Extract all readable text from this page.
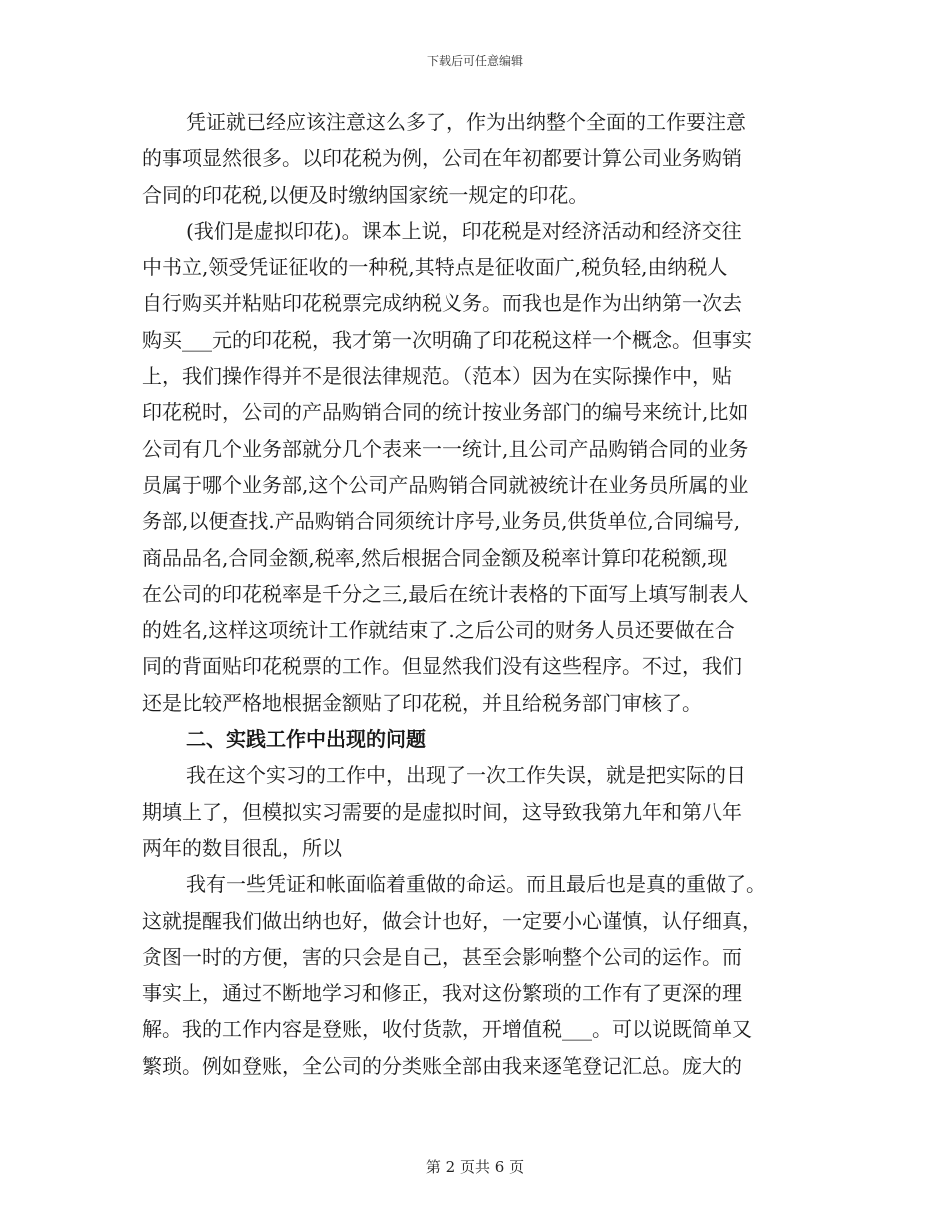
下载后可任意编辑
凭证就已经应该注意这么多了，作为出纳整个全面的工作要注意
的事项显然很多。以印花税为例，公司在年初都要计算公司业务购销
合同的印花税,以便及时缴纳国家统一规定的印花。
(我们是虚拟印花)。课本上说，印花税是对经济活动和经济交往
中书立,领受凭证征收的一种税,其特点是征收面广,税负轻,由纳税人
自行购买并粘贴印花税票完成纳税义务。而我也是作为出纳第一次去
购买___元的印花税，我才第一次明确了印花税这样一个概念。但事实
上，我们操作得并不是很法律规范。（范本）因为在实际操作中，贴
印花税时，公司的产品购销合同的统计按业务部门的编号来统计,比如
公司有几个业务部就分几个表来一一统计,且公司产品购销合同的业务
员属于哪个业务部,这个公司产品购销合同就被统计在业务员所属的业
务部,以便查找.产品购销合同须统计序号,业务员,供货单位,合同编号,
商品品名,合同金额,税率,然后根据合同金额及税率计算印花税额,现
在公司的印花税率是千分之三,最后在统计表格的下面写上填写制表人
的姓名,这样这项统计工作就结束了.之后公司的财务人员还要做在合
同的背面贴印花税票的工作。但显然我们没有这些程序。不过，我们
还是比较严格地根据金额贴了印花税，并且给税务部门审核了。
二、实践工作中出现的问题
我在这个实习的工作中，出现了一次工作失误，就是把实际的日
期填上了，但模拟实习需要的是虚拟时间，这导致我第九年和第八年
两年的数目很乱，所以
我有一些凭证和帐面临着重做的命运。而且最后也是真的重做了。
这就提醒我们做出纳也好，做会计也好，一定要小心谨慎，认仔细真，
贪图一时的方便，害的只会是自己，甚至会影响整个公司的运作。而
事实上，通过不断地学习和修正，我对这份繁琐的工作有了更深的理
解。我的工作内容是登账，收付货款，开增值税___。可以说既简单又
繁琐。例如登账，全公司的分类账全部由我来逐笔登记汇总。庞大的
第 2 页共 6 页
